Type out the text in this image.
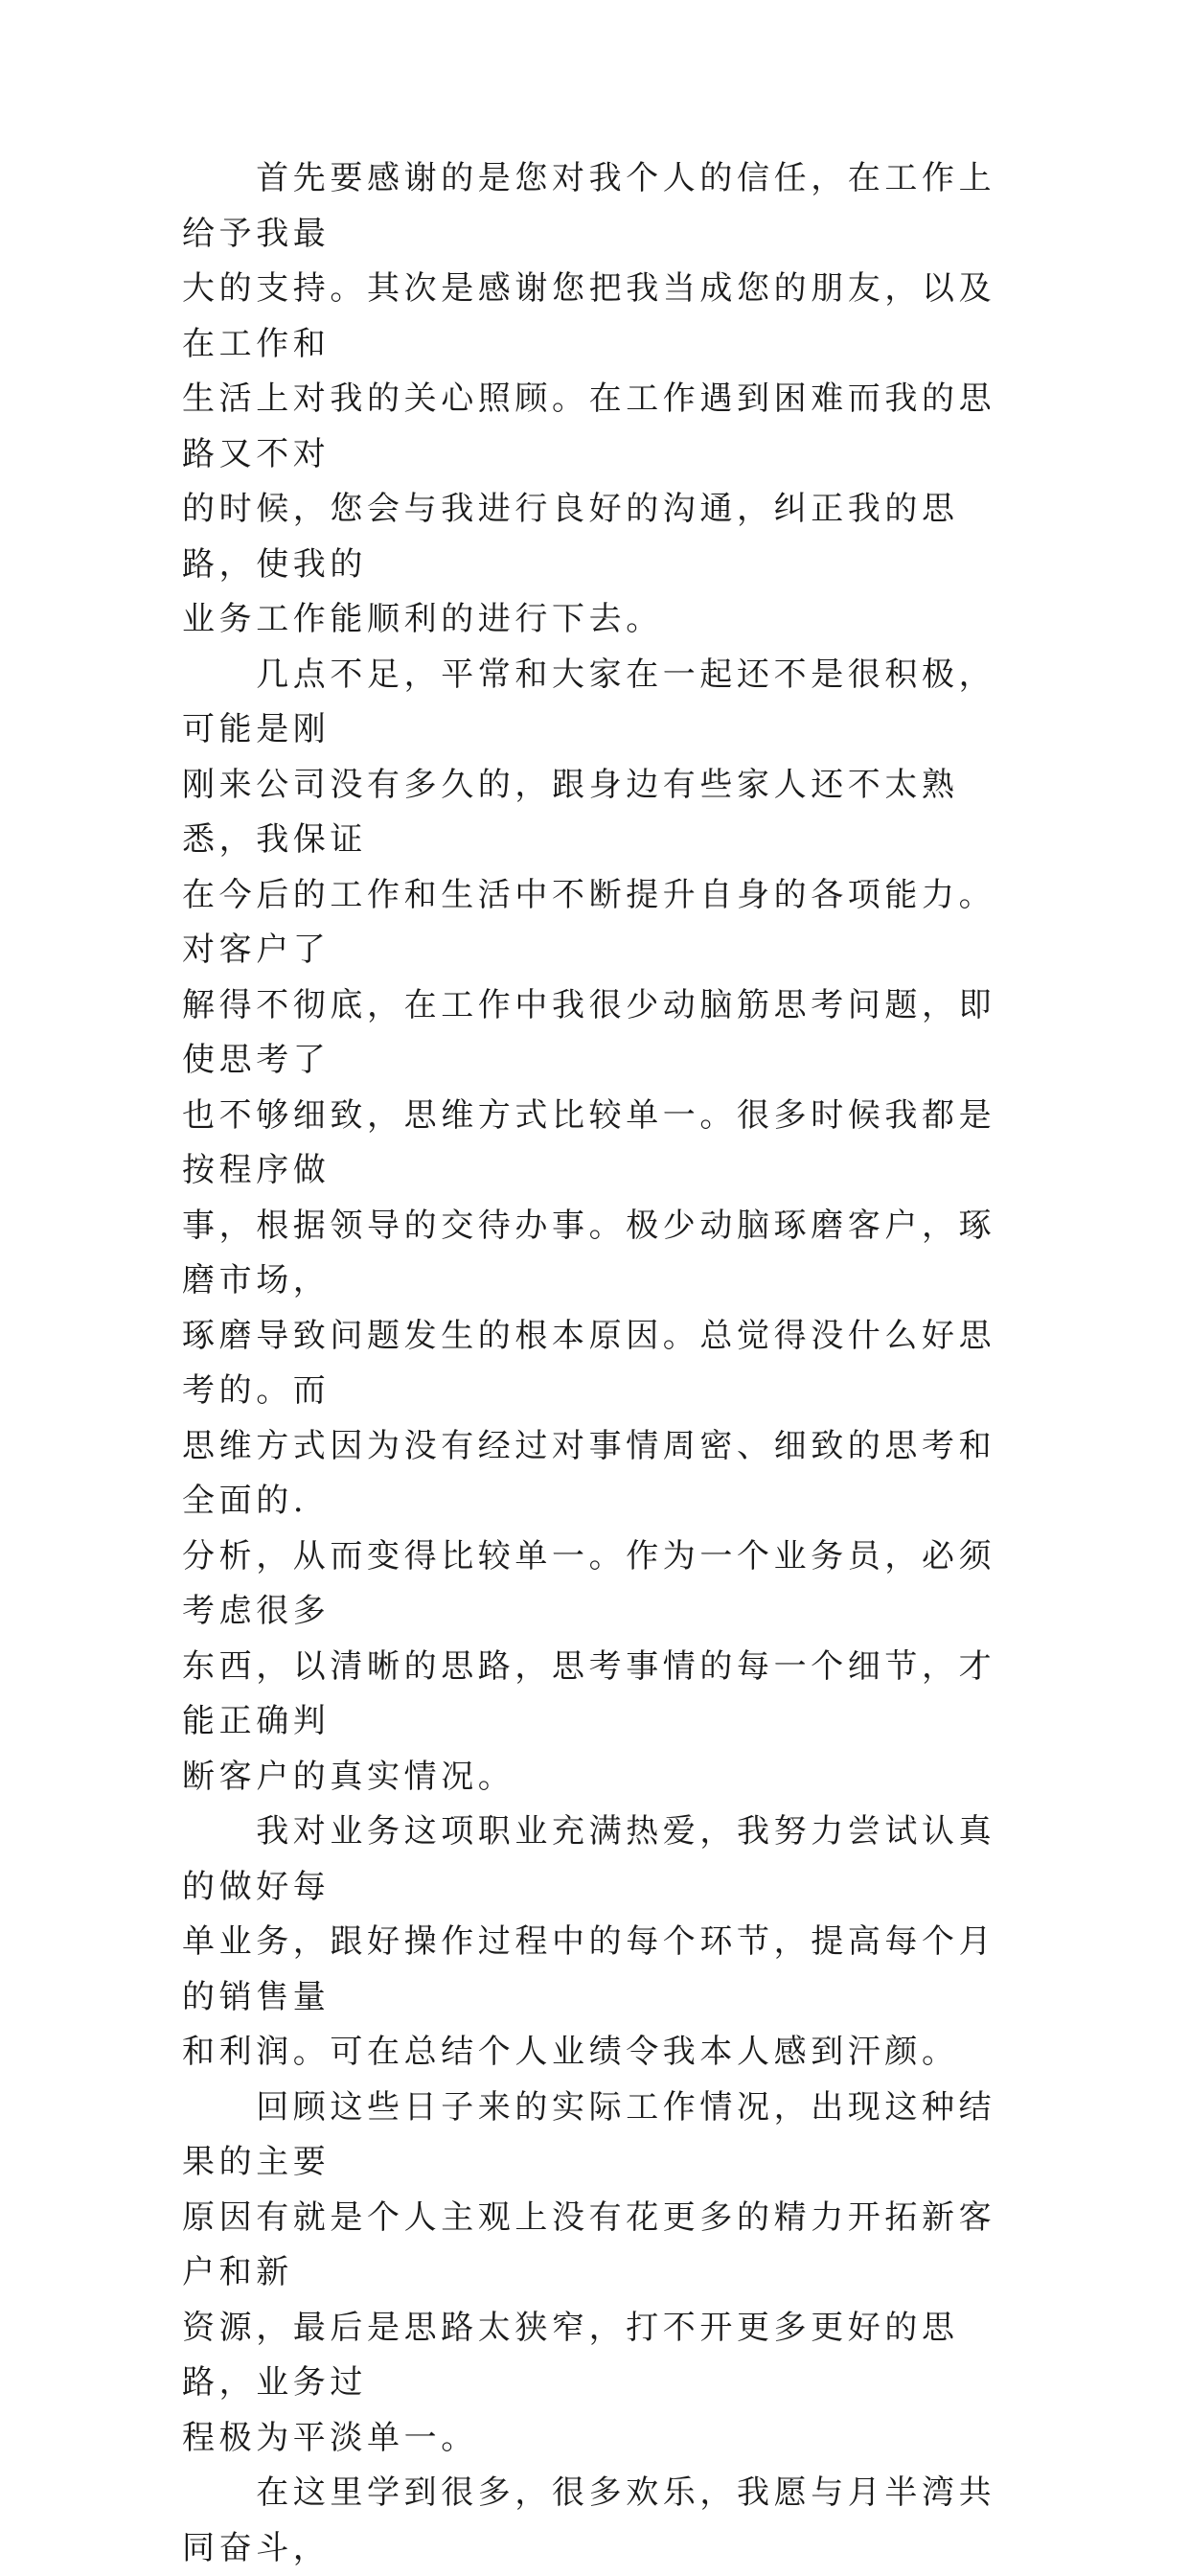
　　首先要感谢的是您对我个人的信任，在工作上给予我最
大的支持。其次是感谢您把我当成您的朋友，以及在工作和
生活上对我的关心照顾。在工作遇到困难而我的思路又不对
的时候，您会与我进行良好的沟通，纠正我的思路，使我的
业务工作能顺利的进行下去。

　　几点不足，平常和大家在一起还不是很积极，可能是刚
刚来公司没有多久的，跟身边有些家人还不太熟悉，我保证
在今后的工作和生活中不断提升自身的各项能力。对客户了
解得不彻底，在工作中我很少动脑筋思考问题，即使思考了
也不够细致，思维方式比较单一。很多时候我都是按程序做
事，根据领导的交待办事。极少动脑琢磨客户，琢磨市场，
琢磨导致问题发生的根本原因。总觉得没什么好思考的。而
思维方式因为没有经过对事情周密、细致的思考和全面的.
分析，从而变得比较单一。作为一个业务员，必须考虑很多
东西，以清晰的思路，思考事情的每一个细节，才能正确判
断客户的真实情况。

　　我对业务这项职业充满热爱，我努力尝试认真的做好每
单业务，跟好操作过程中的每个环节，提高每个月的销售量
和利润。可在总结个人业绩令我本人感到汗颜。

　　回顾这些日子来的实际工作情况，出现这种结果的主要
原因有就是个人主观上没有花更多的精力开拓新客户和新
资源，最后是思路太狭窄，打不开更多更好的思路，业务过
程极为平淡单一。

　　在这里学到很多，很多欢乐，我愿与月半湾共同奋斗，
